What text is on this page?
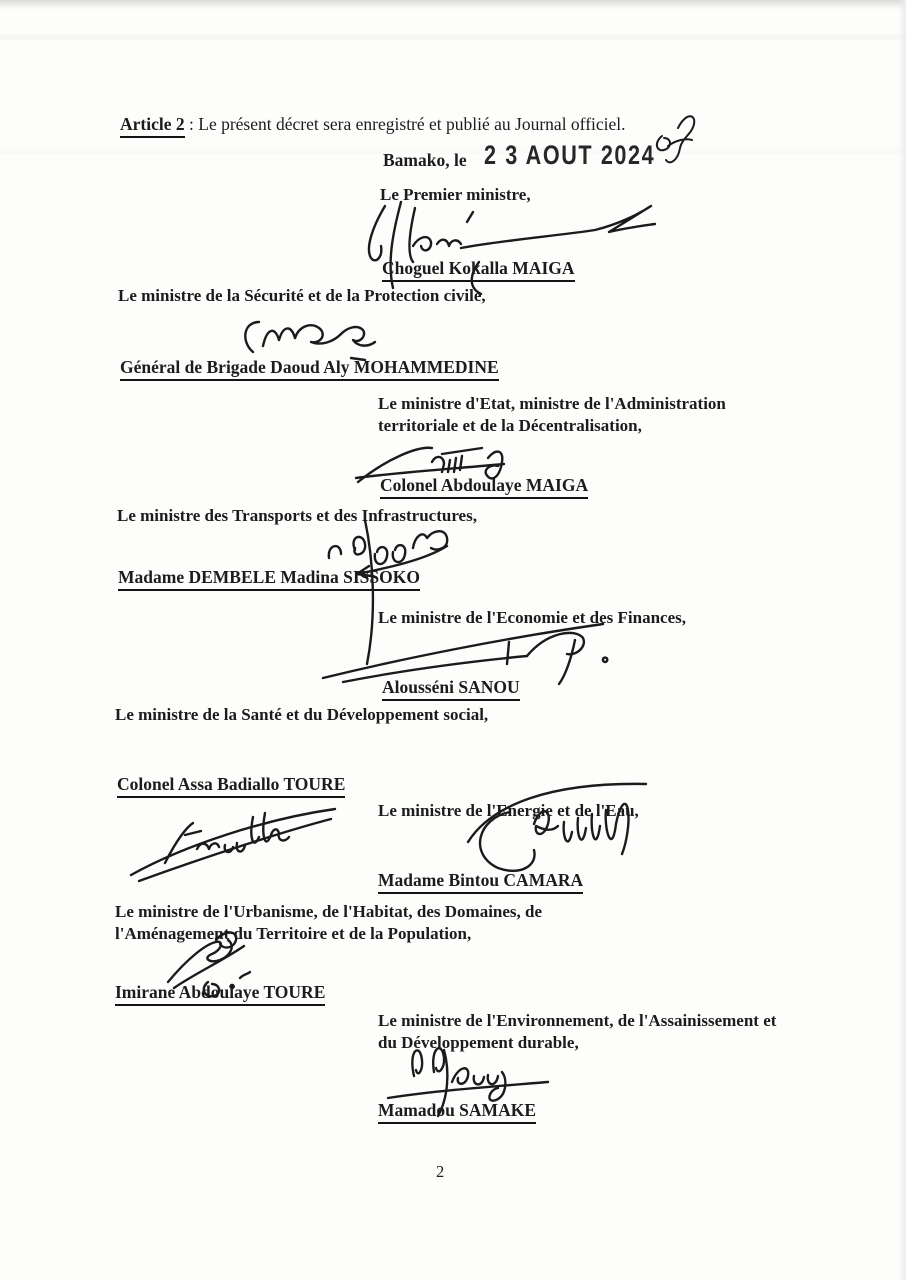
Article 2 : Le présent décret sera enregistré et publié au Journal officiel.
Bamako, le 2 3 AOUT 2024
Le Premier ministre,
Choguel Kokalla MAIGA
Le ministre de la Sécurité et de la Protection civile,
Général de Brigade Daoud Aly MOHAMMEDINE
Le ministre d'Etat, ministre de l'Administration territoriale et de la Décentralisation,
Colonel Abdoulaye MAIGA
Le ministre des Transports et des Infrastructures,
Madame DEMBELE Madina SISSOKO
Le ministre de l'Economie et des Finances,
Alousséni SANOU
Le ministre de la Santé et du Développement social,
Colonel Assa Badiallo TOURE
Le ministre de l'Energie et de l'Eau,
Madame Bintou CAMARA
Le ministre de l'Urbanisme, de l'Habitat, des Domaines, de l'Aménagement du Territoire et de la Population,
Imirane Abdoulaye TOURE
Le ministre de l'Environnement, de l'Assainissement et du Développement durable,
Mamadou SAMAKE
2
